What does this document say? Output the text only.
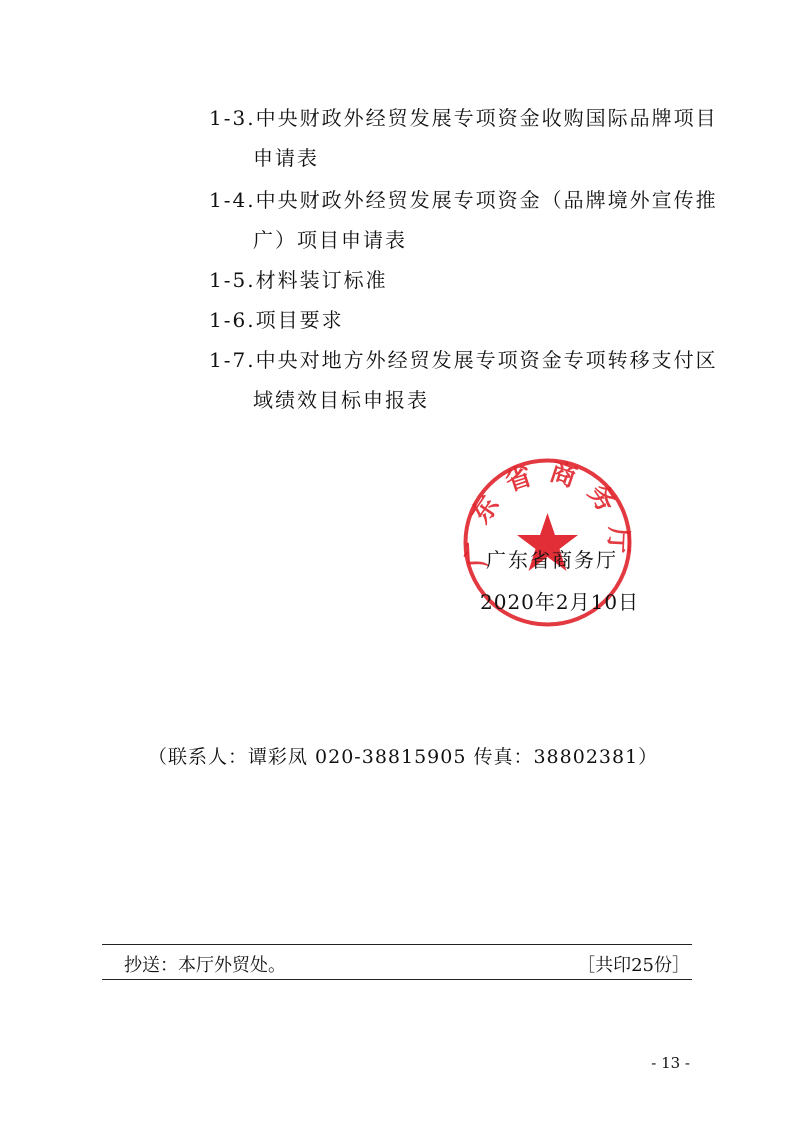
1-3.中央财政外经贸发展专项资金收购国际品牌项目
申请表
1-4.中央财政外经贸发展专项资金（品牌境外宣传推
广）项目申请表
1-5.材料装订标准
1-6.项目要求
1-7.中央对地方外经贸发展专项资金专项转移支付区
域绩效目标申报表
广东省商务厅
广东省商务厅
2020年2月10日
（联系人：谭彩凤 020-38815905 传真：38802381）
抄送：本厅外贸处。	［共印25份］
- 13 -
